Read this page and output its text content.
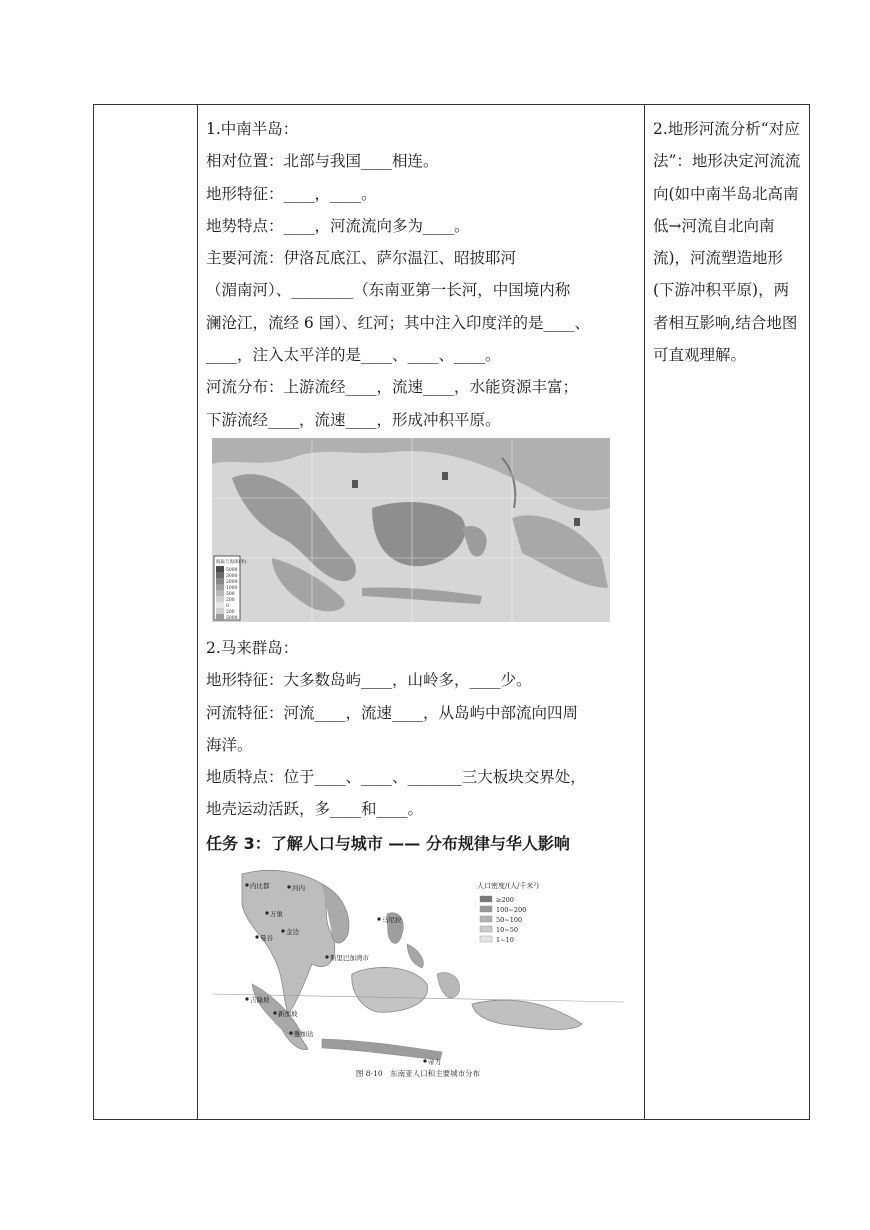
1.中南半岛：

相对位置：北部与我国____相连。

地形特征：____，____。

地势特点：____，河流流向多为____。

主要河流：伊洛瓦底江、萨尔温江、昭披耶河

（湄南河）、________（东南亚第一长河，中国境内称

澜沧江，流经 6 国）、红河；其中注入印度洋的是____、

____，注入太平洋的是____、____、____。

河流分布：上游流经____，流速____，水能资源丰富；

下游流经____，流速____，形成冲积平原。

海拔与海深(米)
5000
3000
2000
1000
500
200
0
200
5000

2.马来群岛：

地形特征：大多数岛屿____，山岭多，____少。

河流特征：河流____，流速____，从岛屿中部流向四周

海洋。

地质特点：位于____、____、_______三大板块交界处，

地壳运动活跃，多____和____。

任务 3：了解人口与城市 —— 分布规律与华人影响

内比都	河内
万象
曼谷
金边
马尼拉
斯里巴加湾市
吉隆坡
新加坡
雅加达
帝力
人口密度/(人/千米²)
≥200
100~200
50~100
10~50
1~10
图 8-10　东南亚人口和主要城市分布

2.地形河流分析“对应法”：地形决定河流流向(如中南半岛北高南低→河流自北向南流)，河流塑造地形(下游冲积平原)，两者相互影响,结合地图可直观理解。
